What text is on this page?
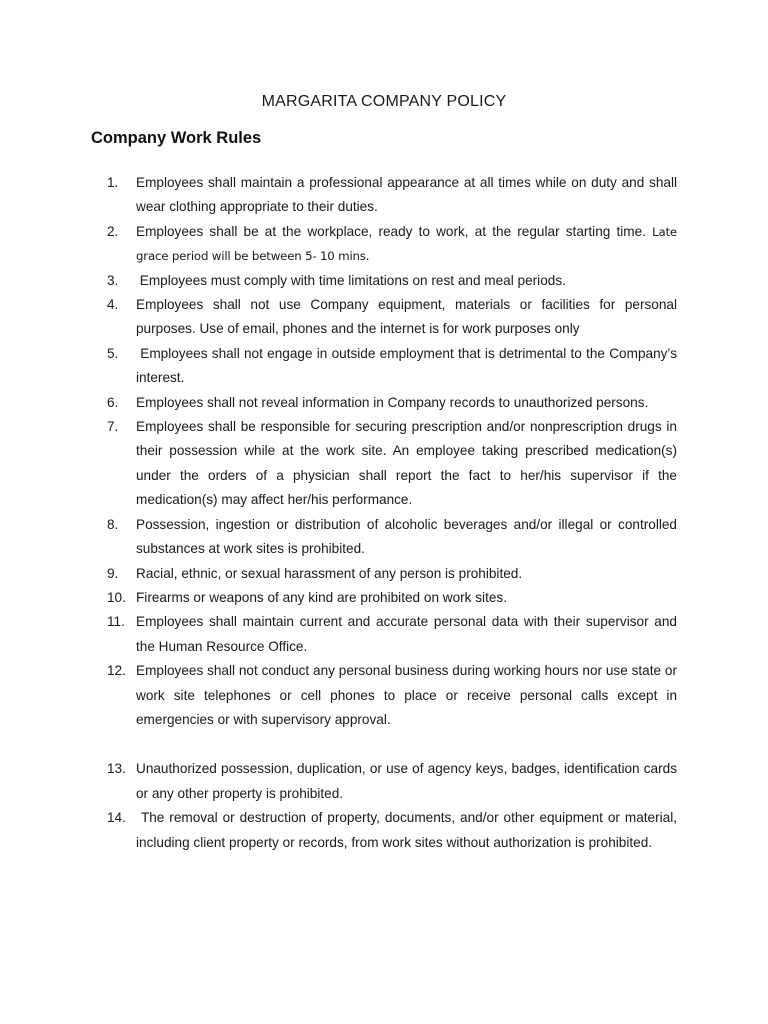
MARGARITA COMPANY POLICY
Company Work Rules
1.	Employees shall maintain a professional appearance at all times while on duty and shall wear clothing appropriate to their duties.
2.	Employees shall be at the workplace, ready to work, at the regular starting time. Late grace period will be between 5- 10 mins.
3.	Employees must comply with time limitations on rest and meal periods.
4.	Employees shall not use Company equipment, materials or facilities for personal purposes. Use of email, phones and the internet is for work purposes only
5.	Employees shall not engage in outside employment that is detrimental to the Company’s interest.
6.	Employees shall not reveal information in Company records to unauthorized persons.
7.	Employees shall be responsible for securing prescription and/or nonprescription drugs in their possession while at the work site. An employee taking prescribed medication(s) under the orders of a physician shall report the fact to her/his supervisor if the medication(s) may affect her/his performance.
8.	Possession, ingestion or distribution of alcoholic beverages and/or illegal or controlled substances at work sites is prohibited.
9.	Racial, ethnic, or sexual harassment of any person is prohibited.
10. Firearms or weapons of any kind are prohibited on work sites.
11. Employees shall maintain current and accurate personal data with their supervisor and the Human Resource Office.
12. Employees shall not conduct any personal business during working hours nor use state or work site telephones or cell phones to place or receive personal calls except in emergencies or with supervisory approval.
13. Unauthorized possession, duplication, or use of agency keys, badges, identification cards or any other property is prohibited.
14. The removal or destruction of property, documents, and/or other equipment or material, including client property or records, from work sites without authorization is prohibited.
